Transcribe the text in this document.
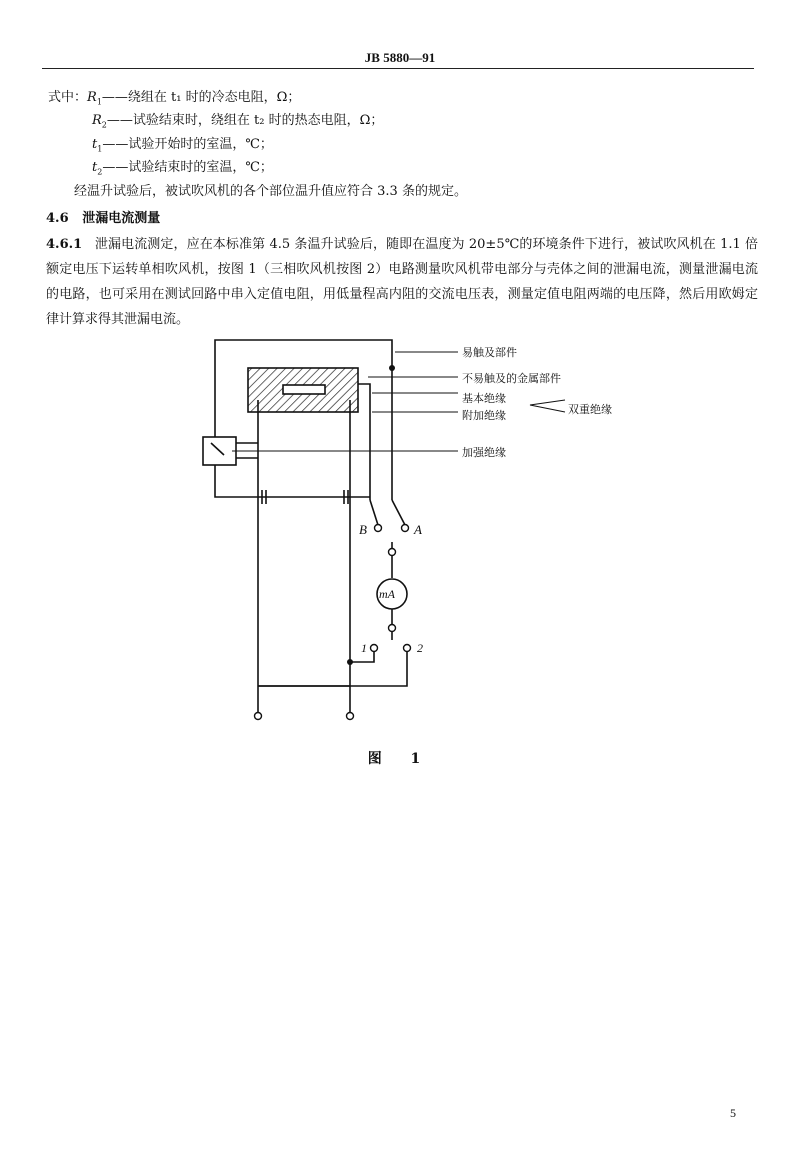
JB 5880—91
式中：$R_1——$绕组在 t₁ 时的冷态电阻，Ω；
$R_2——$试验结束时，绕组在 t₂ 时的热态电阻，Ω；
$t_1——$试验开始时的室温，℃；
$t_2——$试验结束时的室温，℃；
经温升试验后，被试吹风机的各个部位温升值应符合 3.3 条的规定。
4.6 泄漏电流测量
4.6.1 泄漏电流测定，应在本标准第 4.5 条温升试验后，随即在温度为 20±5℃的环境条件下进行，被试吹风机在 1.1 倍额定电压下运转单相吹风机，按图 1（三相吹风机按图 2）电路测量吹风机带电部分与壳体之间的泄漏电流，测量泄漏电流的电路，也可采用在测试回路中串入定值电阻，用低量程高内阻的交流电压表，测量定值电阻两端的电压降，然后用欧姆定律计算求得其泄漏电流。
易触及部件
不易触及的金属部件
基本绝缘
附加绝缘	双重绝缘
加强绝缘
B	A
mA
1	2
图 1
5
